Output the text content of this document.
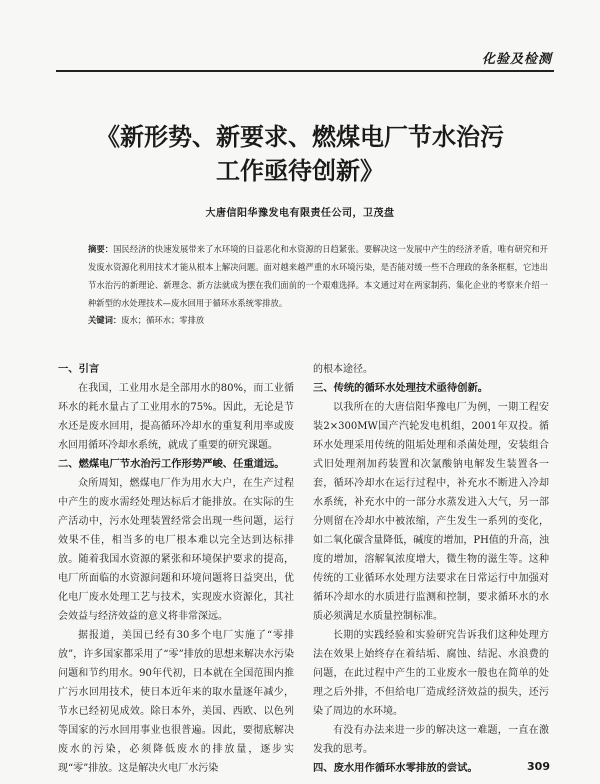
化验及检测
《新形势、新要求、燃煤电厂节水治污
工作亟待创新》
大唐信阳华豫发电有限责任公司，卫茂盘
摘要：国民经济的快速发展带来了水环境的日益恶化和水资源的日趋紧张。要解决这一发展中产生的经济矛盾，唯有研究和开发废水资源化利用技术才能从根本上解决问题。面对越来越严重的水环境污染，是否能对缓一些不合理政的条条框框，它违出节水治污的新理论、新理念、新方法就成为摆在我们面前的一个艰难选择。本文通过对在两家制药、集化企业的考察来介绍一种新型的水处理技术—废水回用于循环水系统零排放。
关键词：废水；循环水；零排放
一、引言

在我国，工业用水是全部用水的80%，而工业循环水的耗水量占了工业用水的75%。因此，无论是节水还是废水回用，提高循环冷却水的重复利用率或废水回用循环冷却水系统，就成了重要的研究课题。

二、燃煤电厂节水治污工作形势严峻、任重道远。

众所周知，燃煤电厂作为用水大户，在生产过程中产生的废水需经处理达标后才能排放。在实际的生产活动中，污水处理装置经常会出现一些问题，运行效果不佳，相当多的电厂根本难以完全达到达标排放。随着我国水资源的紧张和环境保护要求的提高，电厂所面临的水资源问题和环境问题将日益突出，优化电厂废水处理工艺与技术，实现废水资源化，其社会效益与经济效益的意义将非常深远。

据报道，美国已经有30多个电厂实施了“零排放”，许多国家都采用了“零”排放的思想来解决水污染问题和节约用水。90年代初，日本就在全国范围内推广污水回用技术，使日本近年来的取水量逐年减少，节水已经初见成效。除日本外，美国、西欧、以色列等国家的污水回用事业也很普遍。因此，要彻底解决废水的污染，必须降低废水的排放量，逐步实现“零”排放。这是解决火电厂水污染

的根本途径。

三、传统的循环水处理技术亟待创新。

以我所在的大唐信阳华豫电厂为例，一期工程安装2×300MW国产汽轮发电机组，2001年双投。循环水处理采用传统的阻垢处理和杀菌处理，安装组合式旧处理剂加药装置和次氯酸钠电解发生装置各一套，循环冷却水在运行过程中，补充水不断进入冷却水系统，补充水中的一部分水蒸发进入大气，另一部分则留在冷却水中被浓缩，产生发生一系列的变化，如二氧化碳含量降低，碱度的增加，PH值的升高，浊度的增加，溶解氧浓度增大，微生物的滋生等。这种传统的工业循环水处理方法要求在日常运行中加强对循环冷却水的水质进行监测和控制，要求循环水的水质必须满足水质量控制标准。

长期的实践经验和实验研究告诉我们这种处理方法在效果上始终存在着结垢、腐蚀、结泥、水浪费的问题，在此过程中产生的工业废水一般也在简单的处理之后外排，不但给电厂造成经济效益的损失，还污染了周边的水环境。

有没有办法来进一步的解决这一难题，一直在激发我的思考。

四、废水用作循环水零排放的尝试。	309
